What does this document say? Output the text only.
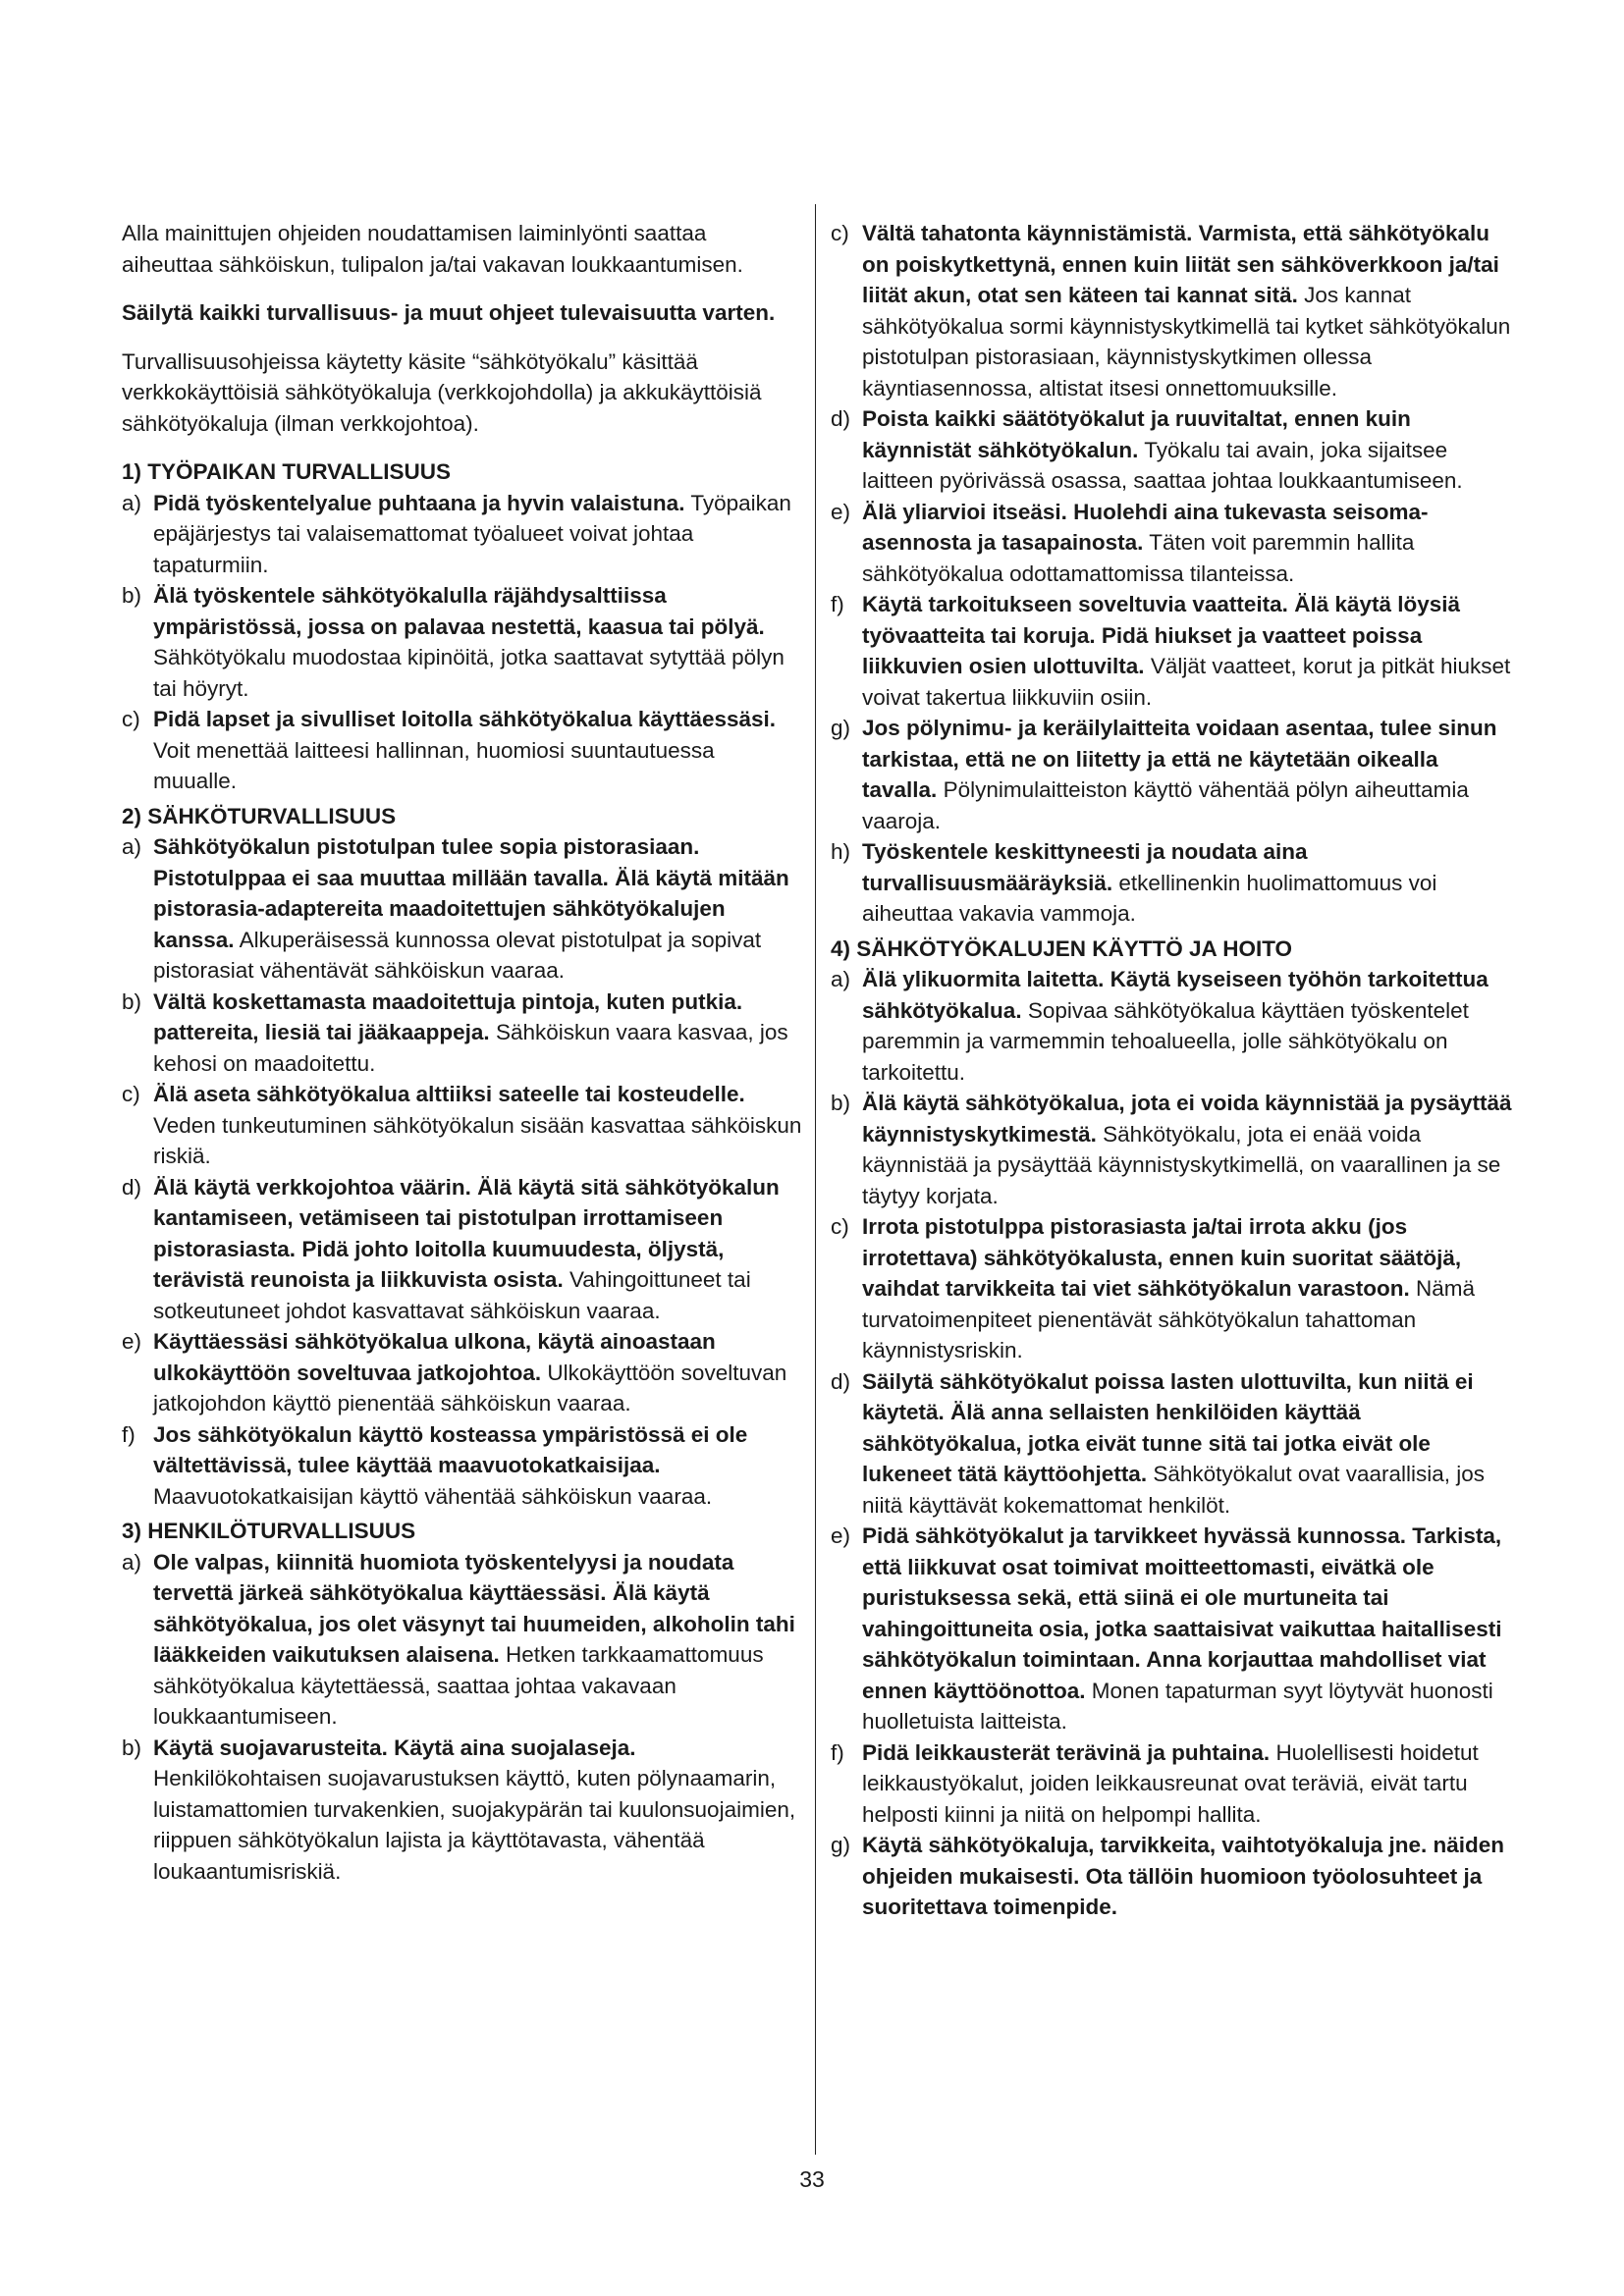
Alla mainittujen ohjeiden noudattamisen laiminlyönti saattaa aiheuttaa sähköiskun, tulipalon ja/tai vakavan loukkaantumisen.

Säilytä kaikki turvallisuus- ja muut ohjeet tulevaisuutta varten.

Turvallisuusohjeissa käytetty käsite “sähkötyökalu” käsittää verkkokäyttöisiä sähkötyökaluja (verkkojohdolla) ja akkukäyttöisiä sähkötyökaluja (ilman verkkojohtoa).

1) TYÖPAIKAN TURVALLISUUS

a) Pidä työskentelyalue puhtaana ja hyvin valaistuna. Työpaikan epäjärjestys tai valaisemattomat työalueet voivat johtaa tapaturmiin.

b) Älä työskentele sähkötyökalulla räjähdysalttiissa ympäristössä, jossa on palavaa nestettä, kaasua tai pölyä. Sähkötyökalu muodostaa kipinöitä, jotka saattavat sytyttää pölyn tai höyryt.

c) Pidä lapset ja sivulliset loitolla sähkötyökalua käyttäessäsi. Voit menettää laitteesi hallinnan, huomiosi suuntautuessa muualle.

2) SÄHKÖTURVALLISUUS

a) Sähkötyökalun pistotulpan tulee sopia pistorasiaan. Pistotulppaa ei saa muuttaa millään tavalla. Älä käytä mitään pistorasia-adaptereita maadoitettujen sähkötyökalujen kanssa. Alkuperäisessä kunnossa olevat pistotulpat ja sopivat pistorasiat vähentävät sähköiskun vaaraa.

b) Vältä koskettamasta maadoitettuja pintoja, kuten putkia. pattereita, liesiä tai jääkaappeja. Sähköiskun vaara kasvaa, jos kehosi on maadoitettu.

c) Älä aseta sähkötyökalua alttiiksi sateelle tai kosteudelle. Veden tunkeutuminen sähkötyökalun sisään kasvattaa sähköiskun riskiä.

d) Älä käytä verkkojohtoa väärin. Älä käytä sitä sähkötyökalun kantamiseen, vetämiseen tai pistotulpan irrottamiseen pistorasiasta. Pidä johto loitolla kuumuudesta, öljystä, terävistä reunoista ja liikkuvista osista. Vahingoittuneet tai sotkeutuneet johdot kasvattavat sähköiskun vaaraa.

e) Käyttäessäsi sähkötyökalua ulkona, käytä ainoastaan ulkokäyttöön soveltuvaa jatkojohtoa. Ulkokäyttöön soveltuvan jatkojohdon käyttö pienentää sähköiskun vaaraa.

f) Jos sähkötyökalun käyttö kosteassa ympäristössä ei ole vältettävissä, tulee käyttää maavuotokatkaisijaa. Maavuotokatkaisijan käyttö vähentää sähköiskun vaaraa.

3) HENKILÖTURVALLISUUS

a) Ole valpas, kiinnitä huomiota työskentelyysi ja noudata tervettä järkeä sähkötyökalua käyttäessäsi. Älä käytä sähkötyökalua, jos olet väsynyt tai huumeiden, alkoholin tahi lääkkeiden vaikutuksen alaisena. Hetken tarkkaamattomuus sähkötyökalua käytettäessä, saattaa johtaa vakavaan loukkaantumiseen.

b) Käytä suojavarusteita. Käytä aina suojalaseja. Henkilökohtaisen suojavarustuksen käyttö, kuten pölynaamarin, luistamattomien turvakenkien, suojakypärän tai kuulonsuojaimien, riippuen sähkötyökalun lajista ja käyttötavasta, vähentää loukaantumisriskiä.

c) Vältä tahatonta käynnistämistä. Varmista, että sähkötyökalu on poiskytkettynä, ennen kuin liität sen sähköverkkoon ja/tai liität akun, otat sen käteen tai kannat sitä. Jos kannat sähkötyökalua sormi käynnistyskytkimellä tai kytket sähkötyökalun pistotulpan pistorasiaan, käynnistyskytkimen ollessa käyntiasennossa, altistat itsesi onnettomuuksille.

d) Poista kaikki säätötyökalut ja ruuvitaltat, ennen kuin käynnistät sähkötyökalun. Työkalu tai avain, joka sijaitsee laitteen pyörivässä osassa, saattaa johtaa loukkaantumiseen.

e) Älä yliarvioi itseäsi. Huolehdi aina tukevasta seisoma-asennosta ja tasapainosta. Täten voit paremmin hallita sähkötyökalua odottamattomissa tilanteissa.

f) Käytä tarkoitukseen soveltuvia vaatteita. Älä käytä löysiä työvaatteita tai koruja. Pidä hiukset ja vaatteet poissa liikkuvien osien ulottuvilta. Väljät vaatteet, korut ja pitkät hiukset voivat takertua liikkuviin osiin.

g) Jos pölynimu- ja keräilylaitteita voidaan asentaa, tulee sinun tarkistaa, että ne on liitetty ja että ne käytetään oikealla tavalla. Pölynimulaitteiston käyttö vähentää pölyn aiheuttamia vaaroja.

h) Työskentele keskittyneesti ja noudata aina turvallisuusmääräyksiä. etkellinenkin huolimattomuus voi aiheuttaa vakavia vammoja.

4) SÄHKÖTYÖKALUJEN KÄYTTÖ JA HOITO

a) Älä ylikuormita laitetta. Käytä kyseiseen työhön tarkoitettua sähkötyökalua. Sopivaa sähkötyökalua käyttäen työskentelet paremmin ja varmemmin tehoalueella, jolle sähkötyökalu on tarkoitettu.

b) Älä käytä sähkötyökalua, jota ei voida käynnistää ja pysäyttää käynnistyskytkimestä. Sähkötyökalu, jota ei enää voida käynnistää ja pysäyttää käynnistyskytkimellä, on vaarallinen ja se täytyy korjata.

c) Irrota pistotulppa pistorasiasta ja/tai irrota akku (jos irrotettava) sähkötyökalusta, ennen kuin suoritat säätöjä, vaihdat tarvikkeita tai viet sähkötyökalun varastoon. Nämä turvatoimenpiteet pienentävät sähkötyökalun tahattoman käynnistysriskin.

d) Säilytä sähkötyökalut poissa lasten ulottuvilta, kun niitä ei käytetä. Älä anna sellaisten henkilöiden käyttää sähkötyökalua, jotka eivät tunne sitä tai jotka eivät ole lukeneet tätä käyttöohjetta. Sähkötyökalut ovat vaarallisia, jos niitä käyttävät kokemattomat henkilöt.

e) Pidä sähkötyökalut ja tarvikkeet hyvässä kunnossa. Tarkista, että liikkuvat osat toimivat moitteettomasti, eivätkä ole puristuksessa sekä, että siinä ei ole murtuneita tai vahingoittuneita osia, jotka saattaisivat vaikuttaa haitallisesti sähkötyökalun toimintaan. Anna korjauttaa mahdolliset viat ennen käyttöönottoa. Monen tapaturman syyt löytyvät huonosti huolletuista laitteista.

f) Pidä leikkausterät terävinä ja puhtaina. Huolellisesti hoidetut leikkaustyökalut, joiden leikkausreunat ovat teräviä, eivät tartu helposti kiinni ja niitä on helpompi hallita.

g) Käytä sähkötyökaluja, tarvikkeita, vaihtotyökaluja jne. näiden ohjeiden mukaisesti. Ota tällöin huomioon työolosuhteet ja suoritettava toimenpide.

33
